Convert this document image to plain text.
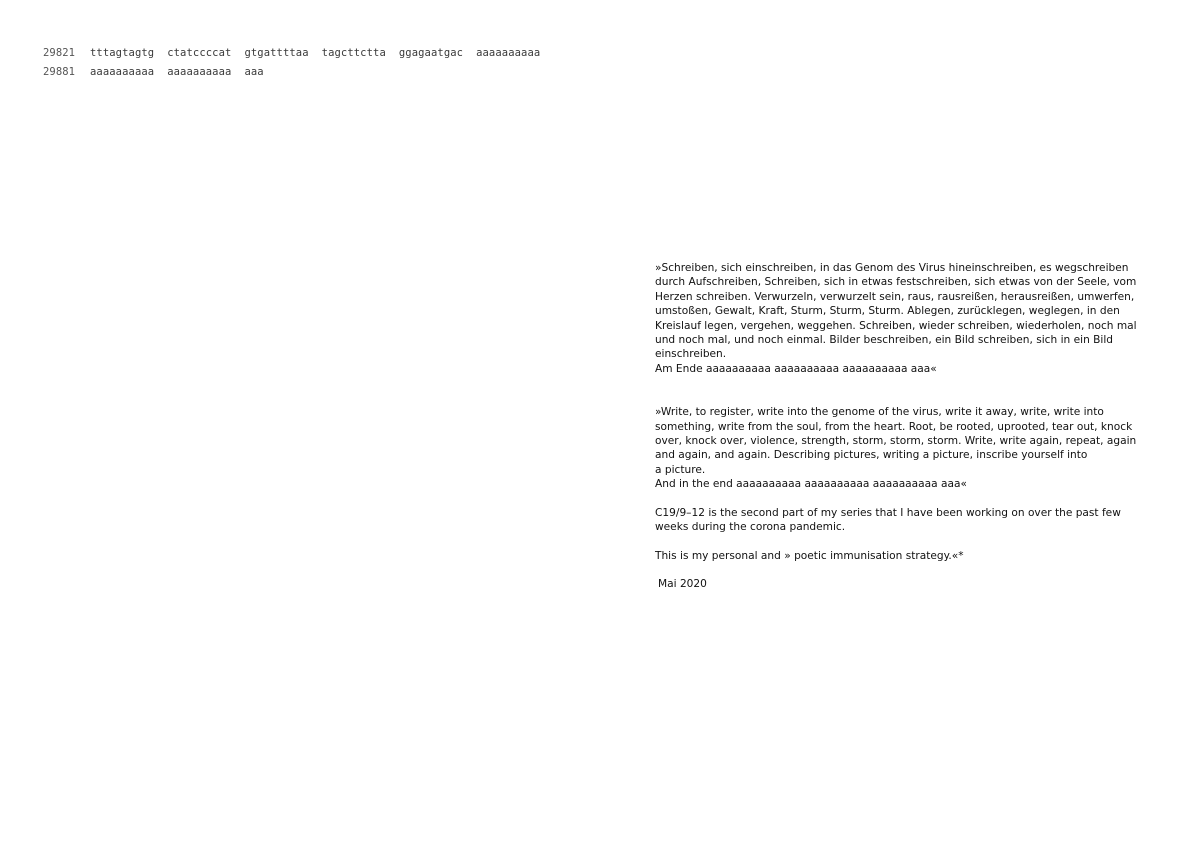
29821	tttagtagtg ctatccccat gtgattttaa tagcttctta ggagaatgac aaaaaaaaaa
29881	aaaaaaaaaa aaaaaaaaaa aaa

»Schreiben, sich einschreiben, in das Genom des Virus hineinschreiben, es wegschreiben

durch Aufschreiben, Schreiben, sich in etwas festschreiben, sich etwas von der Seele, vom

Herzen schreiben. Verwurzeln, verwurzelt sein, raus, rausreißen, herausreißen, umwerfen,

umstoßen, Gewalt, Kraft, Sturm, Sturm, Sturm. Ablegen, zurücklegen, weglegen, in den

Kreislauf legen, vergehen, weggehen. Schreiben, wieder schreiben, wiederholen, noch mal

und noch mal, und noch einmal. Bilder beschreiben, ein Bild schreiben, sich in ein Bild

einschreiben.

Am Ende aaaaaaaaaa aaaaaaaaaa aaaaaaaaaa aaa«

»Write, to register, write into the genome of the virus, write it away, write, write into

something, write from the soul, from the heart. Root, be rooted, uprooted, tear out, knock

over, knock over, violence, strength, storm, storm, storm. Write, write again, repeat, again

and again, and again. Describing pictures, writing a picture, inscribe yourself into

a picture.

And in the end aaaaaaaaaa aaaaaaaaaa aaaaaaaaaa aaa«

C19/9–12 is the second part of my series that I have been working on over the past few

weeks during the corona pandemic.

This is my personal and » poetic immunisation strategy.«*

Mai 2020
